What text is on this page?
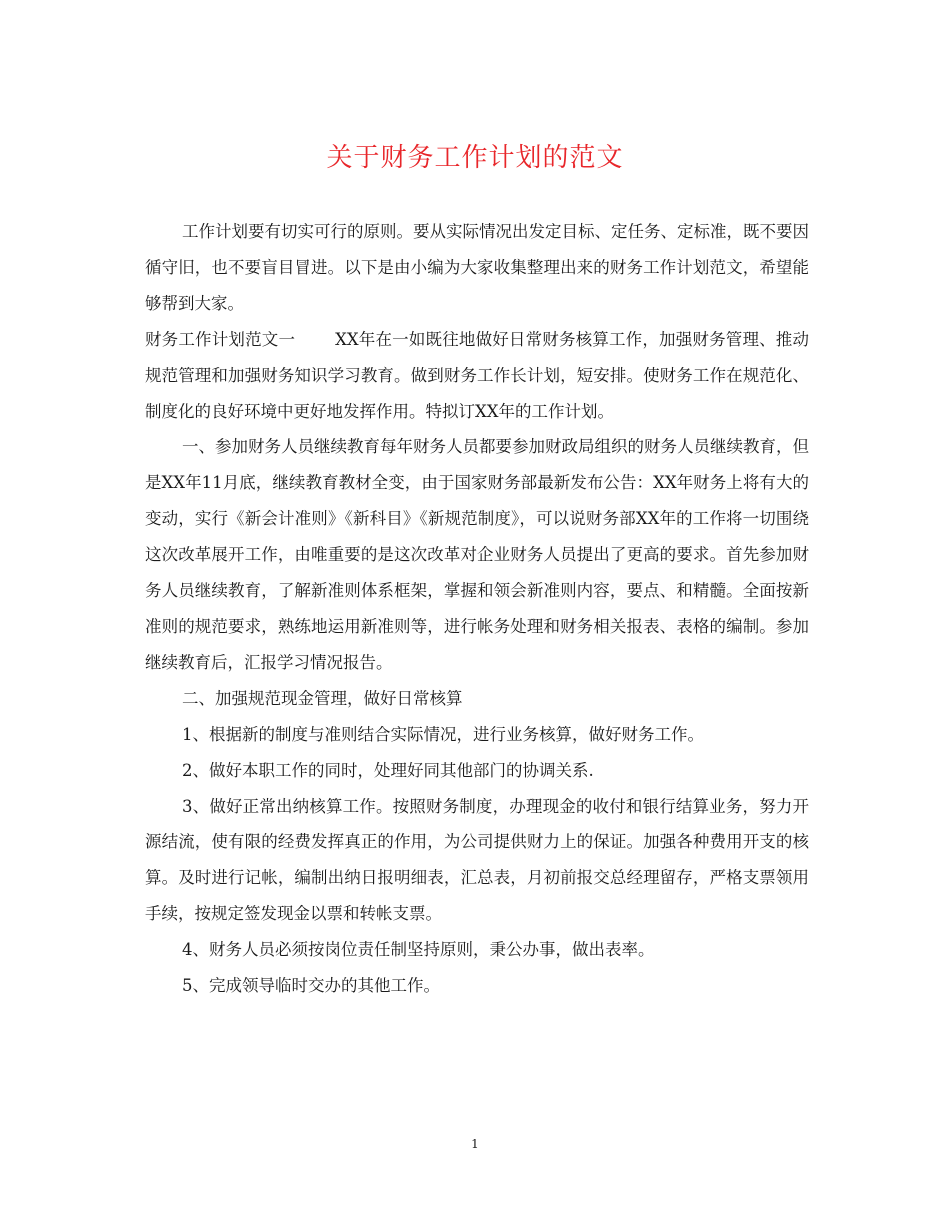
关于财务工作计划的范文

工作计划要有切实可行的原则。要从实际情况出发定目标、定任务、定标准，既不要因循守旧，也不要盲目冒进。以下是由小编为大家收集整理出来的财务工作计划范文，希望能够帮到大家。

财务工作计划范文一 XX年在一如既往地做好日常财务核算工作，加强财务管理、推动规范管理和加强财务知识学习教育。做到财务工作长计划，短安排。使财务工作在规范化、制度化的良好环境中更好地发挥作用。特拟订XX年的工作计划。

一、参加财务人员继续教育每年财务人员都要参加财政局组织的财务人员继续教育，但是XX年11月底，继续教育教材全变，由于国家财务部最新发布公告：XX年财务上将有大的变动，实行《新会计准则》《新科目》《新规范制度》，可以说财务部XX年的工作将一切围绕这次改革展开工作，由唯重要的是这次改革对企业财务人员提出了更高的要求。首先参加财务人员继续教育，了解新准则体系框架，掌握和领会新准则内容，要点、和精髓。全面按新准则的规范要求，熟练地运用新准则等，进行帐务处理和财务相关报表、表格的编制。参加继续教育后，汇报学习情况报告。

二、加强规范现金管理，做好日常核算

1、根据新的制度与准则结合实际情况，进行业务核算，做好财务工作。

2、做好本职工作的同时，处理好同其他部门的协调关系.

3、做好正常出纳核算工作。按照财务制度，办理现金的收付和银行结算业务，努力开源结流，使有限的经费发挥真正的作用，为公司提供财力上的保证。加强各种费用开支的核算。及时进行记帐，编制出纳日报明细表，汇总表，月初前报交总经理留存，严格支票领用手续，按规定签发现金以票和转帐支票。

4、财务人员必须按岗位责任制坚持原则，秉公办事，做出表率。

5、完成领导临时交办的其他工作。

1
